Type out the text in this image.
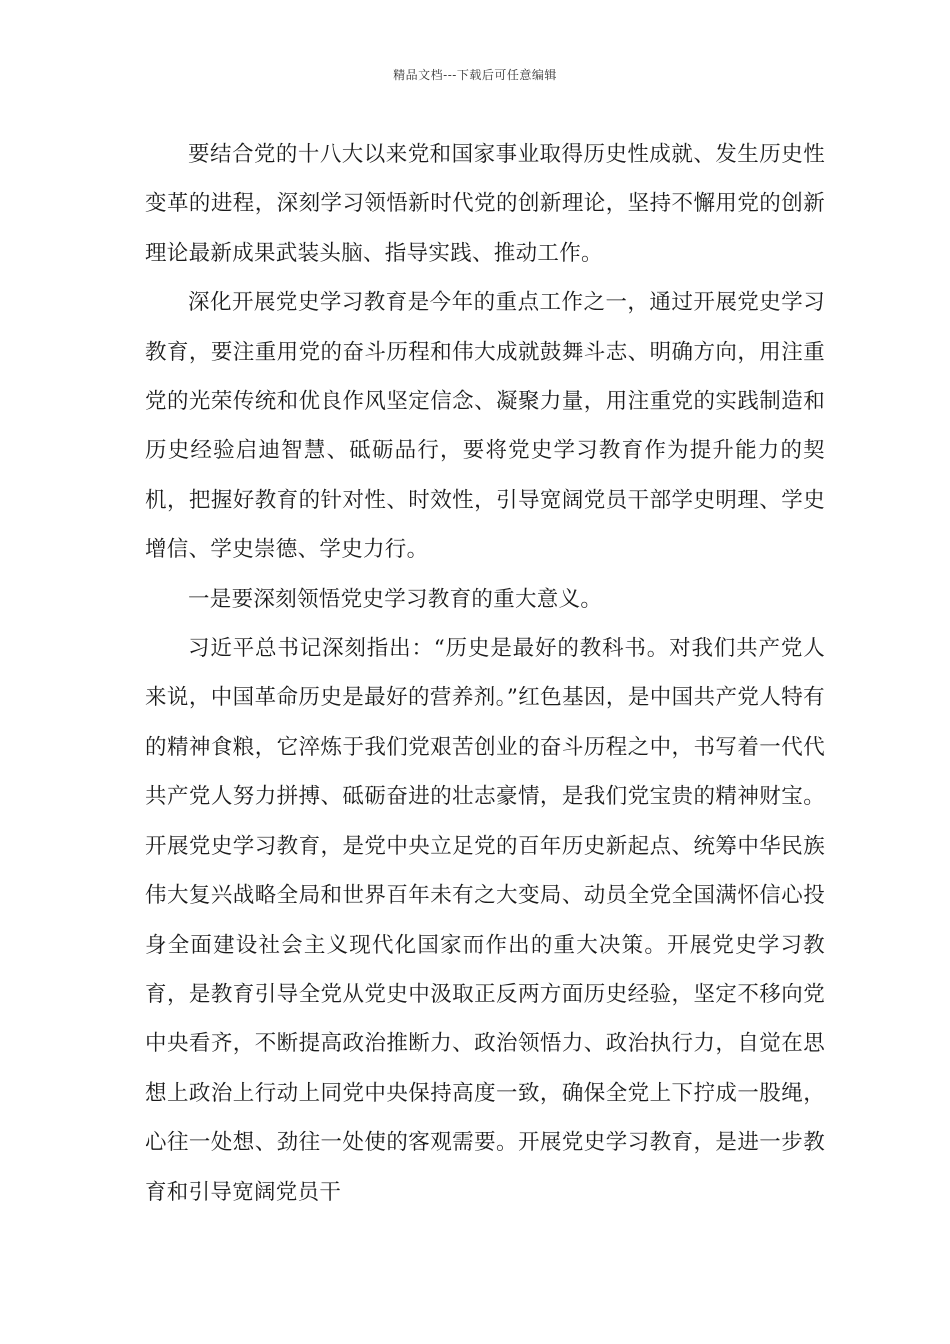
精品文档---下载后可任意编辑

要结合党的十八大以来党和国家事业取得历史性成就、发生历史性变革的进程，深刻学习领悟新时代党的创新理论，坚持不懈用党的创新理论最新成果武装头脑、指导实践、推动工作。

深化开展党史学习教育是今年的重点工作之一，通过开展党史学习教育，要注重用党的奋斗历程和伟大成就鼓舞斗志、明确方向，用注重党的光荣传统和优良作风坚定信念、凝聚力量，用注重党的实践制造和历史经验启迪智慧、砥砺品行，要将党史学习教育作为提升能力的契机，把握好教育的针对性、时效性，引导宽阔党员干部学史明理、学史增信、学史崇德、学史力行。

一是要深刻领悟党史学习教育的重大意义。

习近平总书记深刻指出：“历史是最好的教科书。对我们共产党人来说，中国革命历史是最好的营养剂。”红色基因，是中国共产党人特有的精神食粮，它淬炼于我们党艰苦创业的奋斗历程之中，书写着一代代共产党人努力拼搏、砥砺奋进的壮志豪情，是我们党宝贵的精神财宝。开展党史学习教育，是党中央立足党的百年历史新起点、统筹中华民族伟大复兴战略全局和世界百年未有之大变局、动员全党全国满怀信心投身全面建设社会主义现代化国家而作出的重大决策。开展党史学习教育，是教育引导全党从党史中汲取正反两方面历史经验，坚定不移向党中央看齐，不断提高政治推断力、政治领悟力、政治执行力，自觉在思想上政治上行动上同党中央保持高度一致，确保全党上下拧成一股绳，心往一处想、劲往一处使的客观需要。开展党史学习教育，是进一步教育和引导宽阔党员干
